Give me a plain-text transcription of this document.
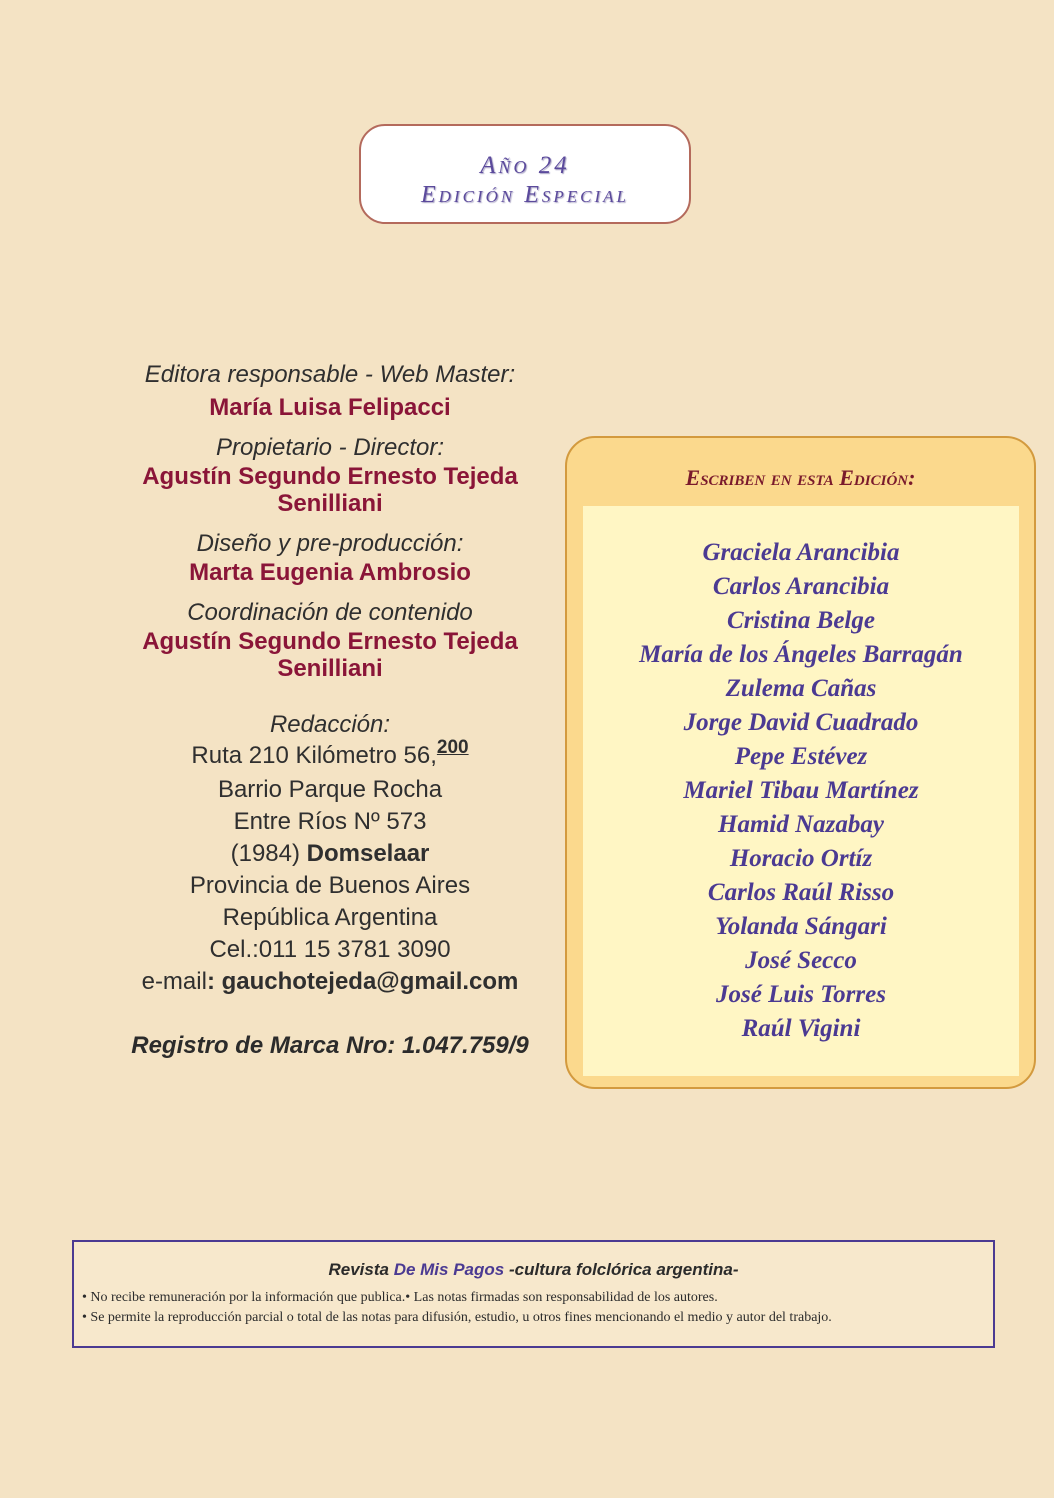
Año 24
Edición Especial
Editora responsable - Web Master:
María Luisa Felipacci
Propietario - Director:
Agustín Segundo Ernesto Tejeda
Senilliani
Diseño y pre-producción:
Marta Eugenia Ambrosio
Coordinación de contenido
Agustín Segundo Ernesto Tejeda
Senilliani
Redacción:
Ruta 210 Kilómetro 56,$^{200}$
Barrio Parque Rocha
Entre Ríos Nº 573
(1984) Domselaar
Provincia de Buenos Aires
República Argentina
Cel.:011 15 3781 3090
e-mail: gauchotejeda@gmail.com
Registro de Marca Nro: 1.047.759/9
Escriben en esta Edición:
Graciela Arancibia
Carlos Arancibia
Cristina Belge
María de los Ángeles Barragán
Zulema Cañas
Jorge David Cuadrado
Pepe Estévez
Mariel Tibau Martínez
Hamid Nazabay
Horacio Ortíz
Carlos Raúl Risso
Yolanda Sángari
José Secco
José Luis Torres
Raúl Vigini
Revista De Mis Pagos -cultura folclórica argentina-
• No recibe remuneración por la información que publica.• Las notas firmadas son responsabilidad de los autores.
• Se permite la reproducción parcial o total de las notas para difusión, estudio, u otros fines mencionando el medio y autor del trabajo.
